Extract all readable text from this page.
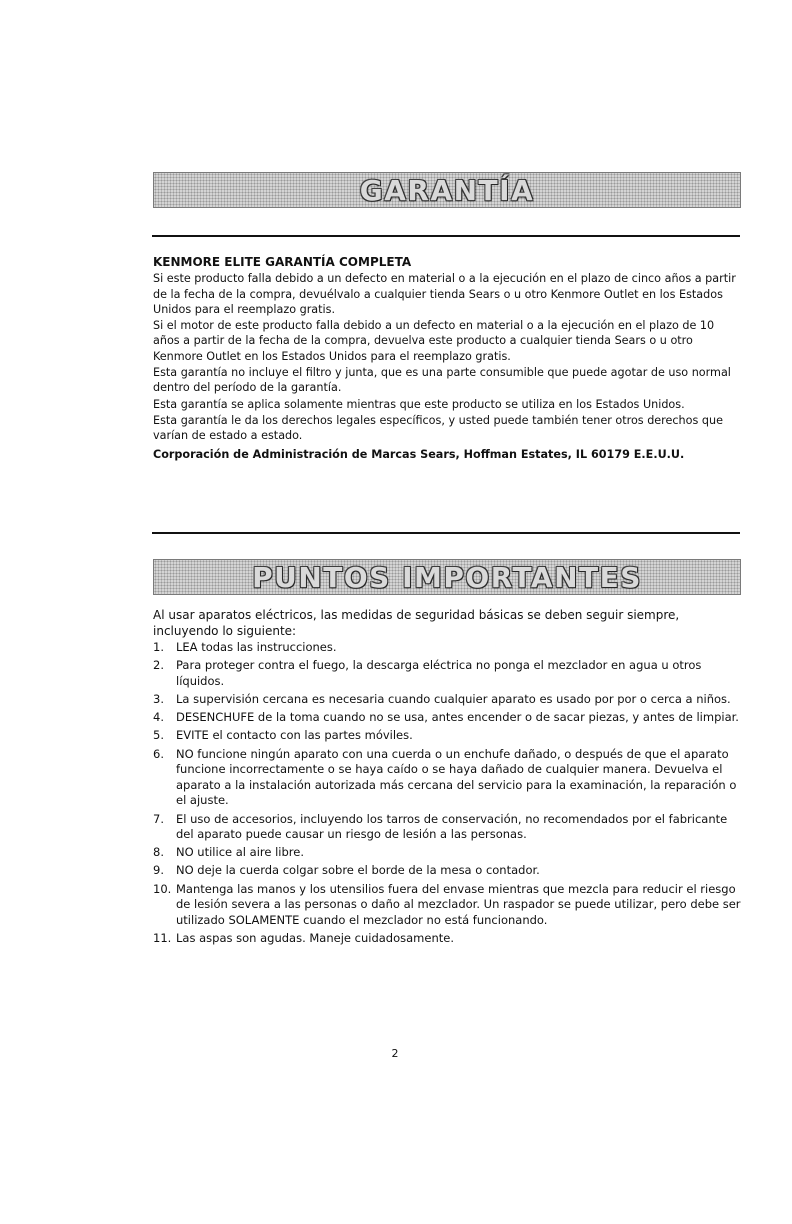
GARANTÍA

KENMORE ELITE GARANTÍA COMPLETA

Si este producto falla debido a un defecto en material o a la ejecución en el plazo de cinco años a partir de la fecha de la compra, devuélvalo a cualquier tienda Sears o u otro Kenmore Outlet en los Estados Unidos para el reemplazo gratis.

Si el motor de este producto falla debido a un defecto en material o a la ejecución en el plazo de 10 años a partir de la fecha de la compra, devuelva este producto a cualquier tienda Sears o u otro Kenmore Outlet en los Estados Unidos para el reemplazo gratis.

Esta garantía no incluye el filtro y junta, que es una parte consumible que puede agotar de uso normal dentro del período de la garantía.

Esta garantía se aplica solamente mientras que este producto se utiliza en los Estados Unidos.

Esta garantía le da los derechos legales específicos, y usted puede también tener otros derechos que varían de estado a estado.

Corporación de Administración de Marcas Sears, Hoffman Estates, IL 60179 E.E.U.U.

PUNTOS IMPORTANTES

Al usar aparatos eléctricos, las medidas de seguridad básicas se deben seguir siempre, incluyendo lo siguiente:

1. LEA todas las instrucciones.
2. Para proteger contra el fuego, la descarga eléctrica no ponga el mezclador en agua u otros líquidos.
3. La supervisión cercana es necesaria cuando cualquier aparato es usado por por o cerca a niños.
4. DESENCHUFE de la toma cuando no se usa, antes encender o de sacar piezas, y antes de limpiar.
5. EVITE el contacto con las partes móviles.
6. NO funcione ningún aparato con una cuerda o un enchufe dañado, o después de que el aparato funcione incorrectamente o se haya caído o se haya dañado de cualquier manera. Devuelva el aparato a la instalación autorizada más cercana del servicio para la examinación, la reparación o el ajuste.
7. El uso de accesorios, incluyendo los tarros de conservación, no recomendados por el fabricante del aparato puede causar un riesgo de lesión a las personas.
8. NO utilice al aire libre.
9. NO deje la cuerda colgar sobre el borde de la mesa o contador.
10. Mantenga las manos y los utensilios fuera del envase mientras que mezcla para reducir el riesgo de lesión severa a las personas o daño al mezclador. Un raspador se puede utilizar, pero debe ser utilizado SOLAMENTE cuando el mezclador no está funcionando.
11. Las aspas son agudas. Maneje cuidadosamente.
2
